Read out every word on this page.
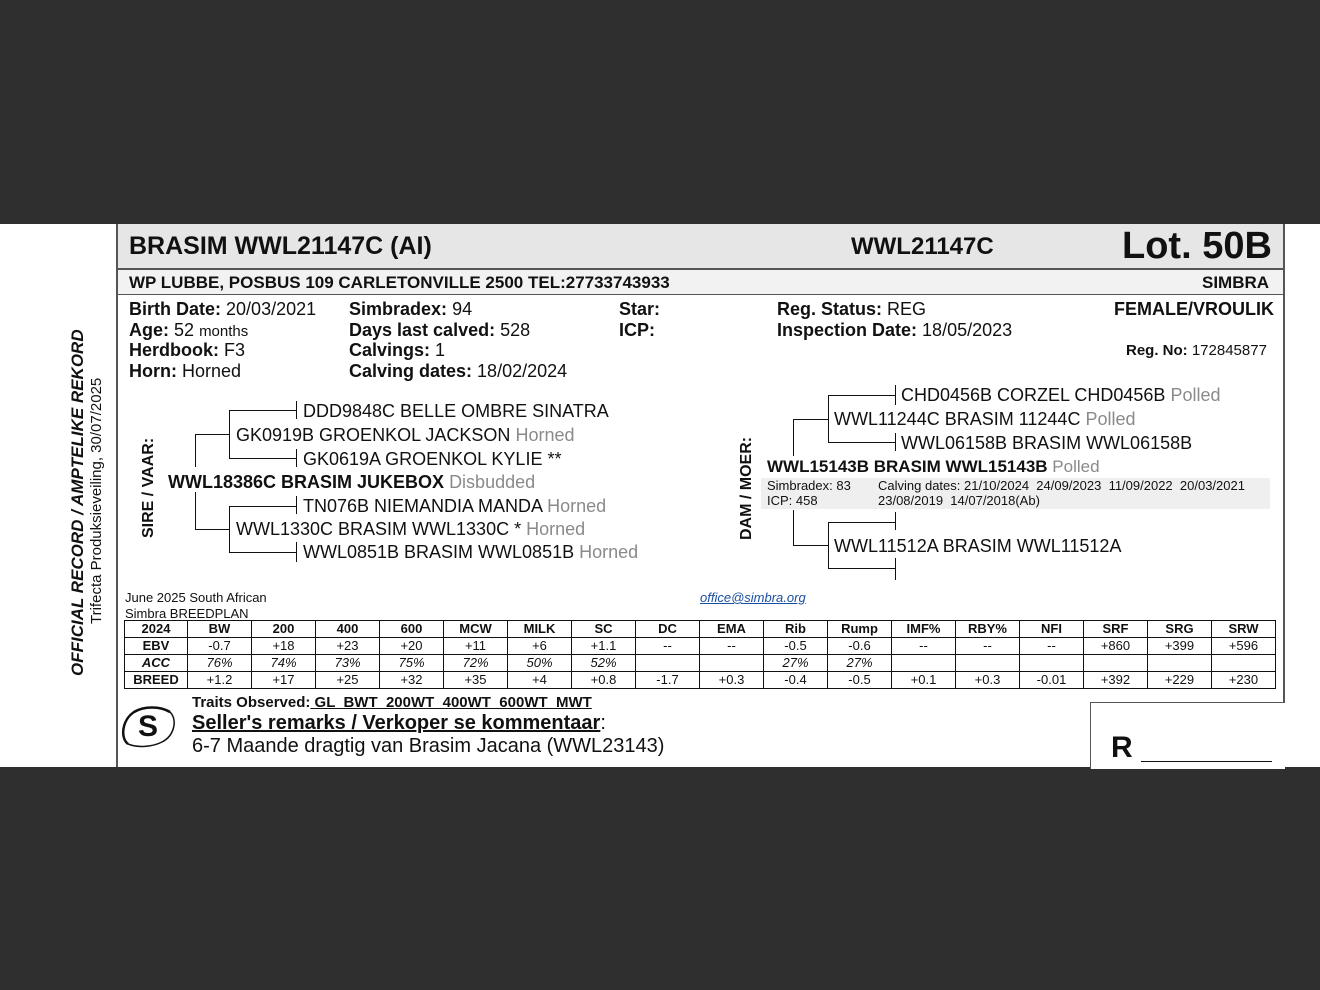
BRASIM WWL21147C (AI)	WWL21147C	Lot. 50B
WP LUBBE, POSBUS 109 CARLETONVILLE 2500 TEL:27733743933	SIMBRA
Birth Date: 20/03/2021
Age: 52 months
Herdbook: F3
Horn: Horned
Simbradex: 94
Days last calved: 528
Calvings: 1
Calving dates: 18/02/2024
Star:
ICP:
Reg. Status: REG
Inspection Date: 18/05/2023
FEMALE/VROULIK
Reg. No: 172845877
OFFICIAL RECORD / AMPTELIKE REKORD Trifecta Produksieveiling, 30/07/2025 SIRE / VAAR:
DDD9848C BELLE OMBRE SINATRA
GK0919B GROENKOL JACKSON Horned
GK0619A GROENKOL KYLIE **
WWL18386C BRASIM JUKEBOX Disbudded
TN076B NIEMANDIA MANDA Horned
WWL1330C BRASIM WWL1330C * Horned
WWL0851B BRASIM WWL0851B Horned
DAM / MOER:
CHD0456B CORZEL CHD0456B Polled
WWL11244C BRASIM 11244C Polled
WWL06158B BRASIM WWL06158B
WWL15143B BRASIM WWL15143B Polled
Simbradex: 83
ICP: 458
Calving dates: 21/10/2024  24/09/2023  11/09/2022  20/03/2021
23/08/2019  14/07/2018(Ab)
WWL11512A BRASIM WWL11512A
June 2025 South African
Simbra BREEDPLAN
office@simbra.org
2024	BW	200	400	600	MCW	MILK	SC	DC	EMA	Rib	Rump	IMF%	RBY%	NFI	SRF	SRG	SRW
EBV	-0.7	+18	+23	+20	+11	+6	+1.1	--	--	-0.5	-0.6	--	--	--	+860	+399	+596
ACC	76%	74%	73%	75%	72%	50%	52%			27%	27%						
BREED	+1.2	+17	+25	+32	+35	+4	+0.8	-1.7	+0.3	-0.4	-0.5	+0.1	+0.3	-0.01	+392	+229	+230
Traits Observed: GL  BWT  200WT  400WT  600WT  MWT
Seller's remarks / Verkoper se kommentaar:
6-7 Maande dragtig van Brasim Jacana (WWL23143)
S
R
